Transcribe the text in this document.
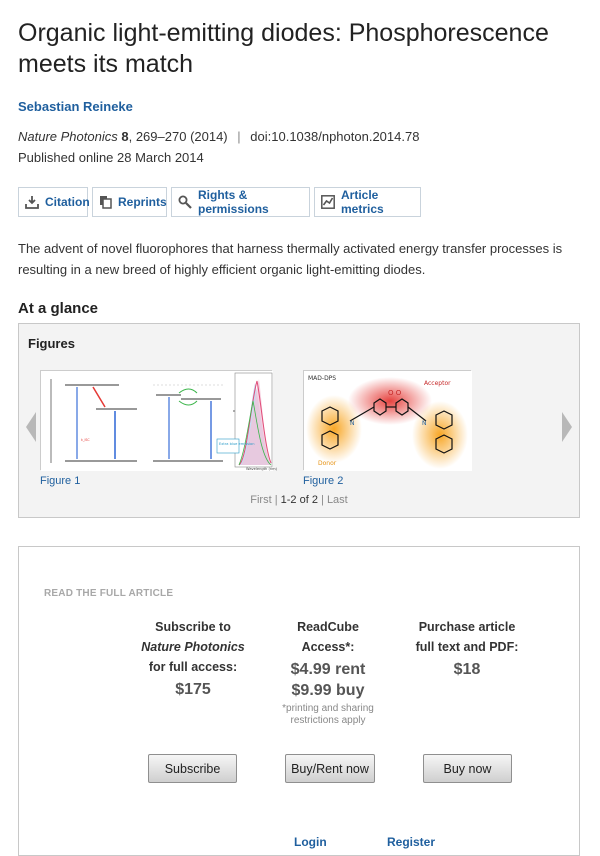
Organic light-emitting diodes: Phosphorescence meets its match
Sebastian Reineke
Nature Photonics 8, 269–270 (2014) | doi:10.1038/nphoton.2014.78
Published online 28 March 2014
Citation Reprints	Rights & permissions
Article metrics
The advent of novel fluorophores that harness thermally activated energy transfer processes is resulting in a new breed of highly efficient organic light-emitting diodes.
At a glance
Figures
k_ISC
Extra blue emission
Wavelength (nm)
Figure 1
O O
N	N
MAD-DPS
Acceptor
Donor
Figure 2
First | 1-2 of 2 | Last
READ THE FULL ARTICLE
Subscribe to
Nature Photonics
for full access:
$175
ReadCube
Access*:
$4.99 rent
$9.99 buy
*printing and sharing
restrictions apply
Purchase article
full text and PDF:
$18
Subscribe	Buy/Rent now	Buy now
Login	Register
